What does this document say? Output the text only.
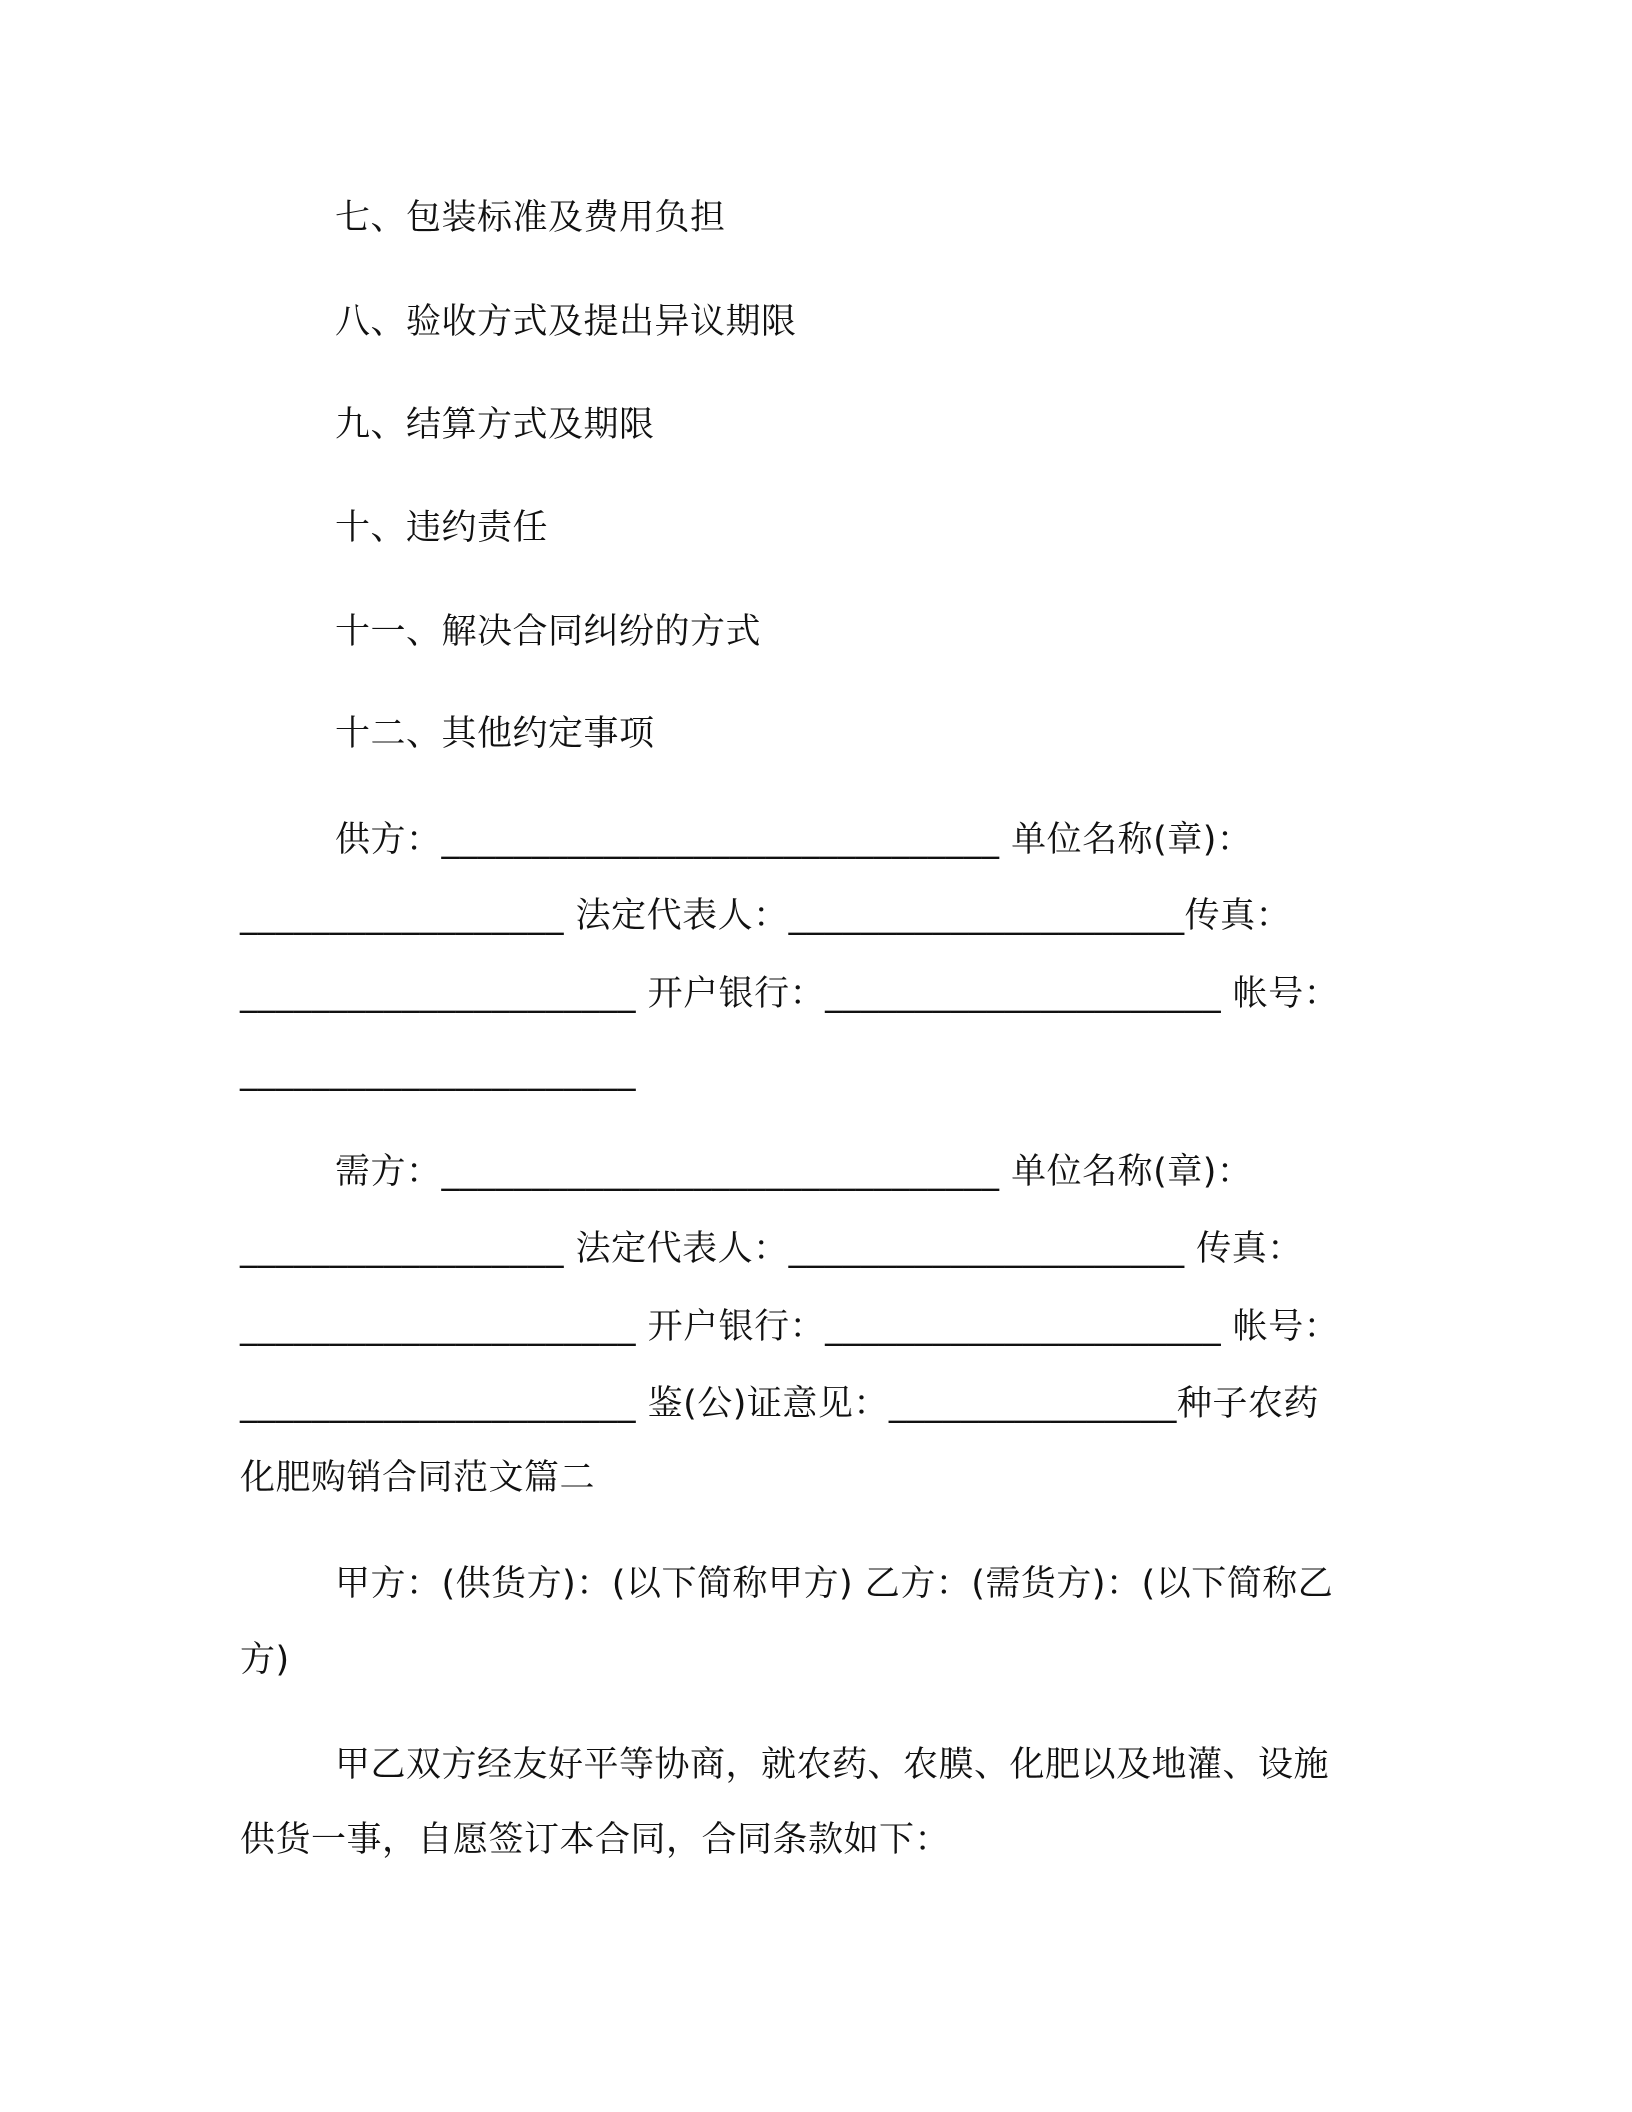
七、包装标准及费用负担
八、验收方式及提出异议期限
九、结算方式及期限
十、违约责任
十一、解决合同纠纷的方式
十二、其他约定事项
供方：_______________________________ 单位名称(章)：
__________________ 法定代表人：______________________传真：
______________________ 开户银行：______________________ 帐号：
______________________
需方：_______________________________ 单位名称(章)：
__________________ 法定代表人：______________________ 传真：
______________________ 开户银行：______________________ 帐号：
______________________ 鉴(公)证意见：________________种子农药
化肥购销合同范文篇二
甲方：(供货方)：(以下简称甲方) 乙方：(需货方)：(以下简称乙
方)
甲乙双方经友好平等协商，就农药、农膜、化肥以及地灌、设施
供货一事，自愿签订本合同，合同条款如下：
